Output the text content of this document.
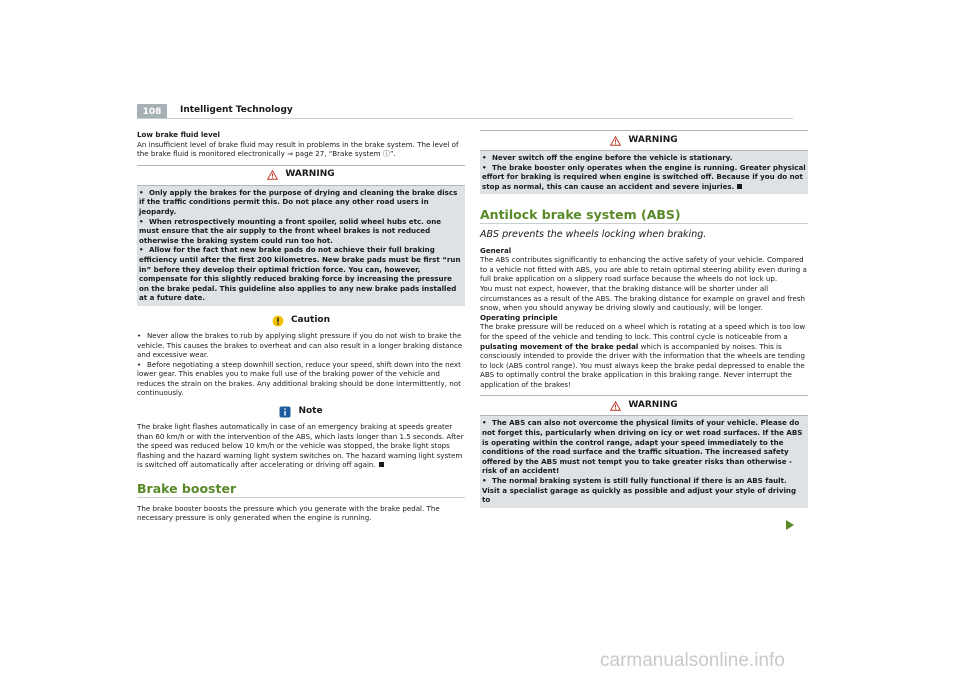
108	Intelligent Technology

Low brake fluid level

An insufficient level of brake fluid may result in problems in the brake system. The level of the brake fluid is monitored electronically ⇒ page 27, “Brake system ⓘ”.

WARNING

• Only apply the brakes for the purpose of drying and cleaning the brake discs if the traffic conditions permit this. Do not place any other road users in jeopardy.

• When retrospectively mounting a front spoiler, solid wheel hubs etc. one must ensure that the air supply to the front wheel brakes is not reduced otherwise the braking system could run too hot.

• Allow for the fact that new brake pads do not achieve their full braking efficiency until after the first 200 kilometres. New brake pads must be first “run in” before they develop their optimal friction force. You can, however, compensate for this slightly reduced braking force by increasing the pressure on the brake pedal. This guideline also applies to any new brake pads installed at a future date.

Caution

• Never allow the brakes to rub by applying slight pressure if you do not wish to brake the vehicle. This causes the brakes to overheat and can also result in a longer braking distance and excessive wear.

• Before negotiating a steep downhill section, reduce your speed, shift down into the next lower gear. This enables you to make full use of the braking power of the vehicle and reduces the strain on the brakes. Any additional braking should be done intermittently, not continuously.

Note

The brake light flashes automatically in case of an emergency braking at speeds greater than 60 km/h or with the intervention of the ABS, which lasts longer than 1.5 seconds. After the speed was reduced below 10 km/h or the vehicle was stopped, the brake light stops flashing and the hazard warning light system switches on. The hazard warning light system is switched off automatically after accelerating or driving off again.

Brake booster

The brake booster boosts the pressure which you generate with the brake pedal. The necessary pressure is only generated when the engine is running.

WARNING

• Never switch off the engine before the vehicle is stationary.

• The brake booster only operates when the engine is running. Greater physical effort for braking is required when engine is switched off. Because if you do not stop as normal, this can cause an accident and severe injuries.

Antilock brake system (ABS)

ABS prevents the wheels locking when braking.

General

The ABS contributes significantly to enhancing the active safety of your vehicle. Compared to a vehicle not fitted with ABS, you are able to retain optimal steering ability even during a full brake application on a slippery road surface because the wheels do not lock up.

You must not expect, however, that the braking distance will be shorter under all circumstances as a result of the ABS. The braking distance for example on gravel and fresh snow, when you should anyway be driving slowly and cautiously, will be longer.

Operating principle

The brake pressure will be reduced on a wheel which is rotating at a speed which is too low for the speed of the vehicle and tending to lock. This control cycle is noticeable from a pulsating movement of the brake pedal which is accompanied by noises. This is consciously intended to provide the driver with the information that the wheels are tending to lock (ABS control range). You must always keep the brake pedal depressed to enable the ABS to optimally control the brake application in this braking range. Never interrupt the application of the brakes!

WARNING

• The ABS can also not overcome the physical limits of your vehicle. Please do not forget this, particularly when driving on icy or wet road surfaces. If the ABS is operating within the control range, adapt your speed immediately to the conditions of the road surface and the traffic situation. The increased safety offered by the ABS must not tempt you to take greater risks than otherwise - risk of an accident!

• The normal braking system is still fully functional if there is an ABS fault. Visit a specialist garage as quickly as possible and adjust your style of driving to

carmanualsonline.info
